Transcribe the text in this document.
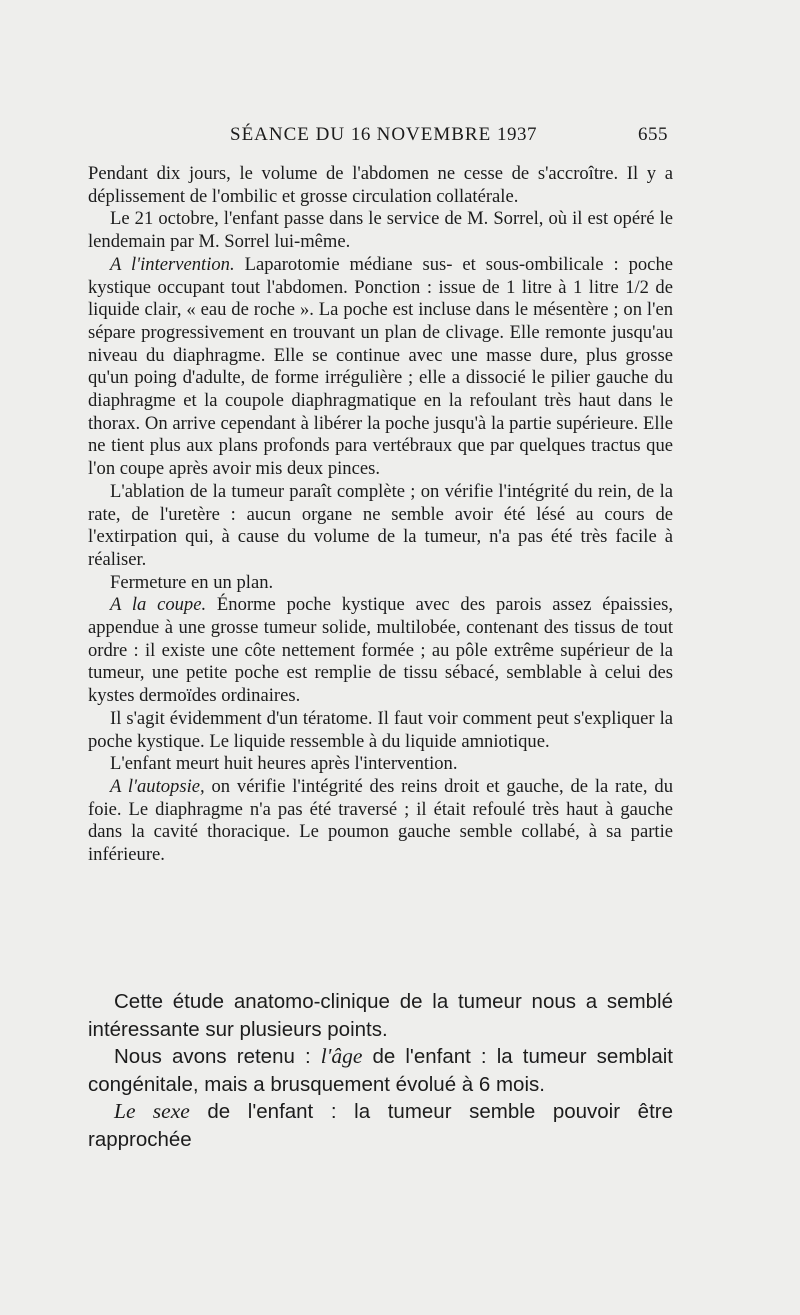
SÉANCE DU 16 NOVEMBRE 1937	655

Pendant dix jours, le volume de l'abdomen ne cesse de s'accroître. Il y a déplissement de l'ombilic et grosse circulation collatérale.

Le 21 octobre, l'enfant passe dans le service de M. Sorrel, où il est opéré le lendemain par M. Sorrel lui-même.

A l'intervention. Laparotomie médiane sus- et sous-ombilicale : poche kystique occupant tout l'abdomen. Ponction : issue de 1 litre à 1 litre 1/2 de liquide clair, « eau de roche ». La poche est incluse dans le mésentère ; on l'en sépare progressivement en trouvant un plan de clivage. Elle remonte jusqu'au niveau du diaphragme. Elle se continue avec une masse dure, plus grosse qu'un poing d'adulte, de forme irrégulière ; elle a dissocié le pilier gauche du diaphragme et la coupole diaphragmatique en la refoulant très haut dans le thorax. On arrive cependant à libérer la poche jusqu'à la partie supérieure. Elle ne tient plus aux plans profonds para vertébraux que par quelques tractus que l'on coupe après avoir mis deux pinces.

L'ablation de la tumeur paraît complète ; on vérifie l'intégrité du rein, de la rate, de l'uretère : aucun organe ne semble avoir été lésé au cours de l'extirpation qui, à cause du volume de la tumeur, n'a pas été très facile à réaliser.

Fermeture en un plan.

A la coupe. Énorme poche kystique avec des parois assez épaissies, appendue à une grosse tumeur solide, multilobée, contenant des tissus de tout ordre : il existe une côte nettement formée ; au pôle extrême supérieur de la tumeur, une petite poche est remplie de tissu sébacé, semblable à celui des kystes dermoïdes ordinaires.

Il s'agit évidemment d'un tératome. Il faut voir comment peut s'expliquer la poche kystique. Le liquide ressemble à du liquide amniotique.

L'enfant meurt huit heures après l'intervention.

A l'autopsie, on vérifie l'intégrité des reins droit et gauche, de la rate, du foie. Le diaphragme n'a pas été traversé ; il était refoulé très haut à gauche dans la cavité thoracique. Le poumon gauche semble collabé, à sa partie inférieure.

Cette étude anatomo-clinique de la tumeur nous a semblé intéressante sur plusieurs points.

Nous avons retenu : l'âge de l'enfant : la tumeur semblait congénitale, mais a brusquement évolué à 6 mois.

Le sexe de l'enfant : la tumeur semble pouvoir être rapprochée
